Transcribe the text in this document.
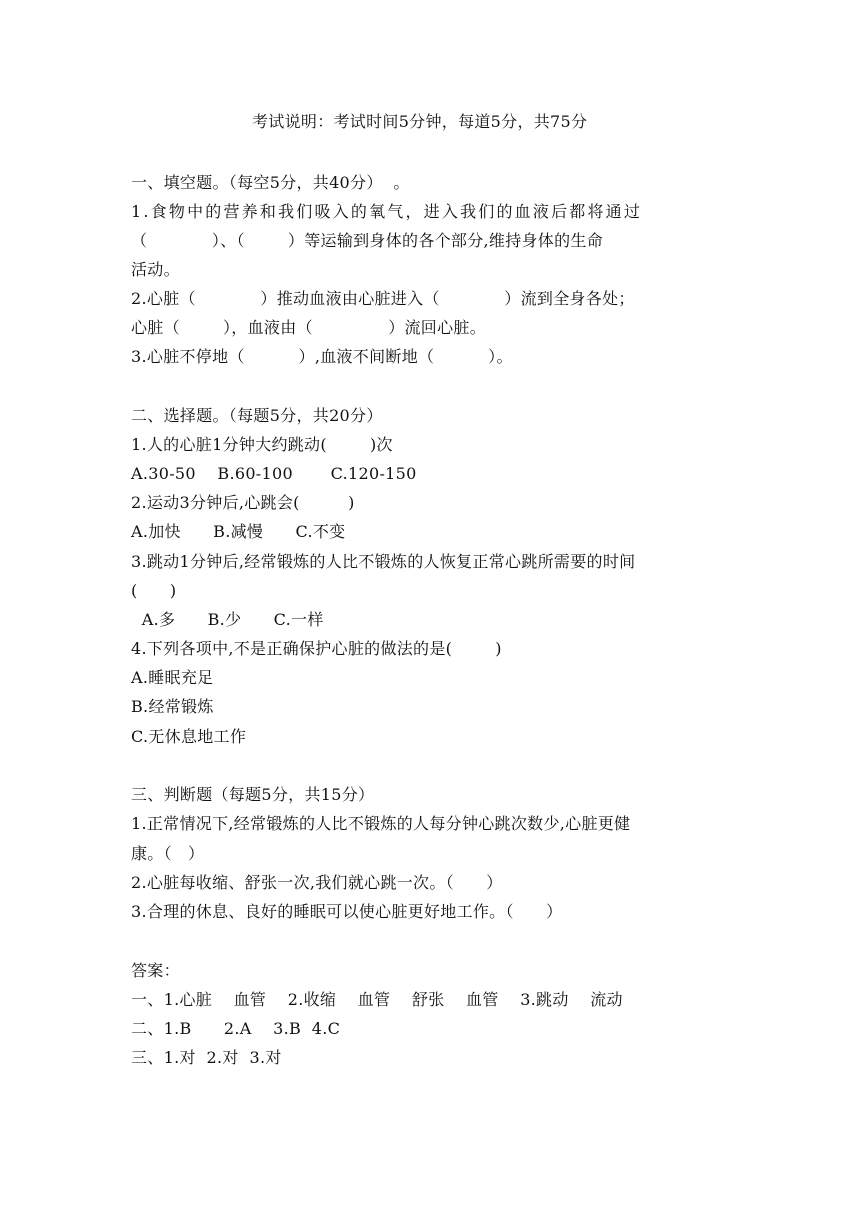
考试说明：考试时间5分钟，每道5分，共75分
一、填空题。（每空5分，共40分）  。
1.食物中的营养和我们吸入的氧气，进入我们的血液后都将通过
（            ）、（        ）等运输到身体的各个部分,维持身体的生命
活动。
2.心脏（            ）推动血液由心脏进入（            ）流到全身各处；
心脏（        ），血液由（              ）流回心脏。
3.心脏不停地（          ）,血液不间断地（          ）。
二、选择题。（每题5分，共20分）
1.人的心脏1分钟大约跳动(        )次
A.30-50    B.60-100       C.120-150
2.运动3分钟后,心跳会(         )
A.加快      B.减慢      C.不变
3.跳动1分钟后,经常锻炼的人比不锻炼的人恢复正常心跳所需要的时间
(      )
A.多      B.少      C.一样
4.下列各项中,不是正确保护心脏的做法的是(        )
A.睡眠充足
B.经常锻炼
C.无休息地工作
三、判断题（每题5分，共15分）
1.正常情况下,经常锻炼的人比不锻炼的人每分钟心跳次数少,心脏更健
康。（   ）
2.心脏每收缩、舒张一次,我们就心跳一次。（      ）
3.合理的休息、良好的睡眠可以使心脏更好地工作。（      ）
答案：
一、1.心脏    血管    2.收缩    血管    舒张    血管    3.跳动    流动
二、1.B      2.A    3.B  4.C
三、1.对  2.对  3.对
